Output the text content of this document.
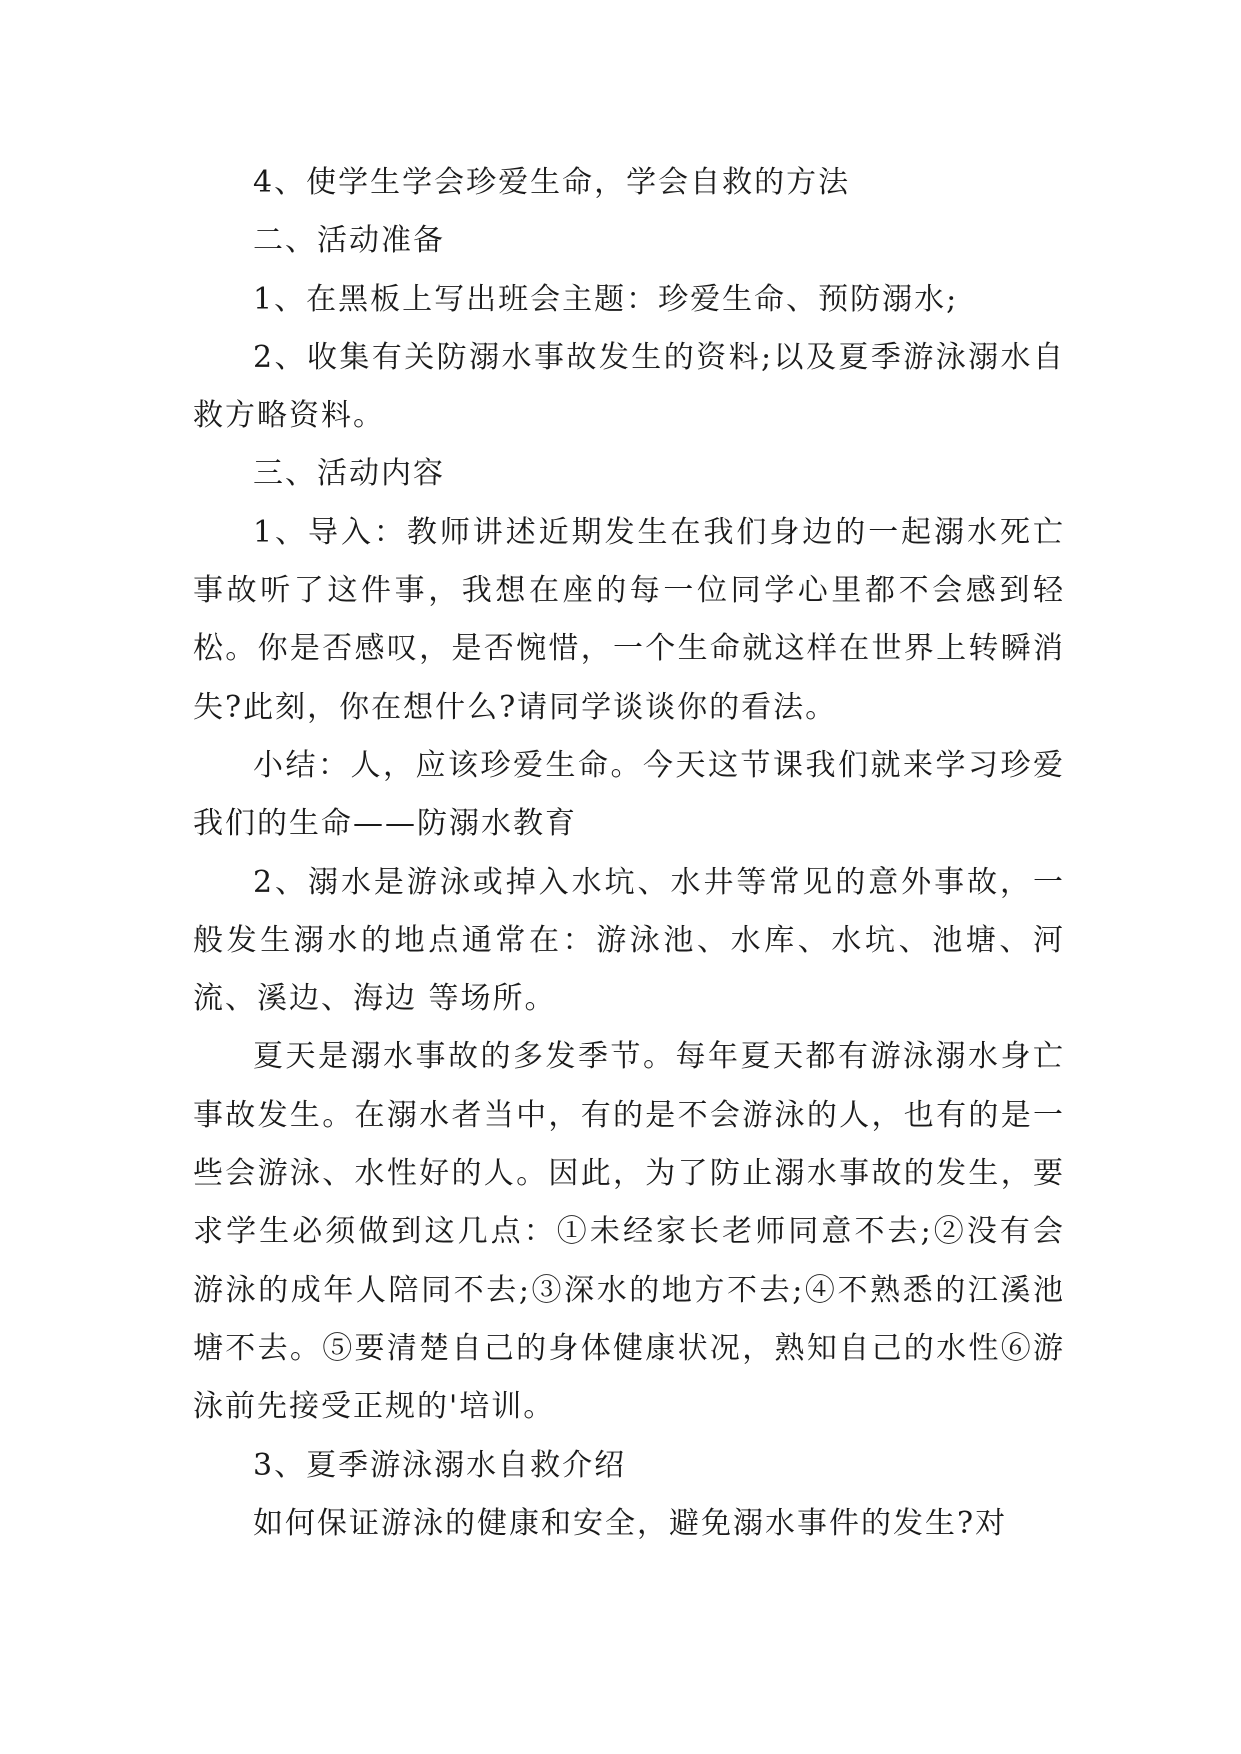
4、使学生学会珍爱生命，学会自救的方法

二、活动准备

1、在黑板上写出班会主题：珍爱生命、预防溺水;

2、收集有关防溺水事故发生的资料;以及夏季游泳溺水自救方略资料。

三、活动内容

1、导入：教师讲述近期发生在我们身边的一起溺水死亡事故听了这件事，我想在座的每一位同学心里都不会感到轻松。你是否感叹，是否惋惜，一个生命就这样在世界上转瞬消失?此刻，你在想什么?请同学谈谈你的看法。

小结：人，应该珍爱生命。今天这节课我们就来学习珍爱我们的生命——防溺水教育

2、溺水是游泳或掉入水坑、水井等常见的意外事故，一般发生溺水的地点通常在：游泳池、水库、水坑、池塘、河流、溪边、海边 等场所。

夏天是溺水事故的多发季节。每年夏天都有游泳溺水身亡 事故发生。在溺水者当中，有的是不会游泳的人，也有的是一些会游泳、水性好的人。因此，为了防止溺水事故的发生，要求学生必须做到这几点：①未经家长老师同意不去;②没有会游泳的成年人陪同不去;③深水的地方不去;④不熟悉的江溪池塘不去。⑤要清楚自己的身体健康状况，熟知自己的水性⑥游泳前先接受正规的'培训。

3、夏季游泳溺水自救介绍

如何保证游泳的健康和安全，避免溺水事件的发生?对
